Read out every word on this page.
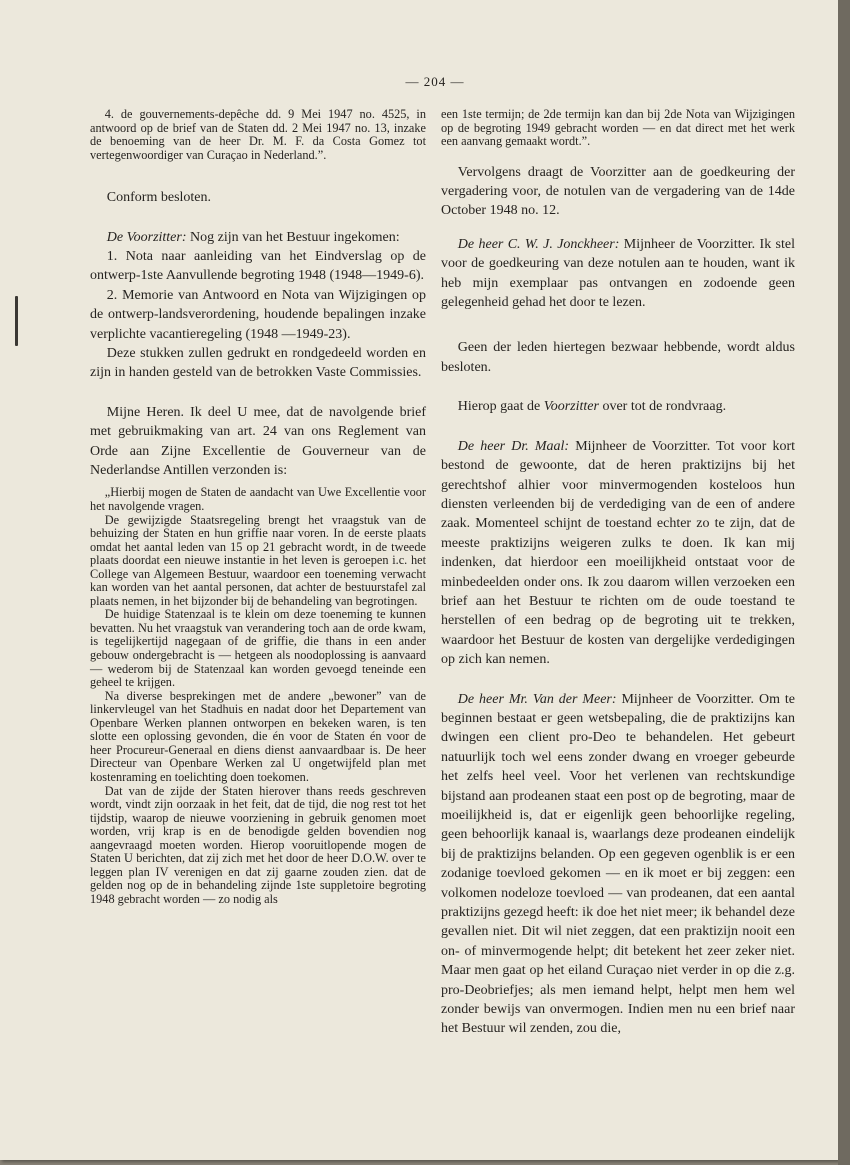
— 204 —

4. de gouvernements-depêche dd. 9 Mei 1947 no. 4525, in antwoord op de brief van de Staten dd. 2 Mei 1947 no. 13, inzake de benoeming van de heer Dr. M. F. da Costa Gomez tot vertegenwoordiger van Curaçao in Nederland.”.

Conform besloten.

De Voorzitter: Nog zijn van het Bestuur ingekomen:

1. Nota naar aanleiding van het Eindverslag op de ontwerp-1ste Aanvullende begroting 1948 (1948—1949-6).

2. Memorie van Antwoord en Nota van Wijzigingen op de ontwerp-landsverordening, houdende bepalingen inzake verplichte vacantieregeling (1948 —1949-23).

Deze stukken zullen gedrukt en rondgedeeld worden en zijn in handen gesteld van de betrokken Vaste Commissies.

Mijne Heren. Ik deel U mee, dat de navolgende brief met gebruikmaking van art. 24 van ons Reglement van Orde aan Zijne Excellentie de Gouverneur van de Nederlandse Antillen verzonden is:

„Hierbij mogen de Staten de aandacht van Uwe Excellentie voor het navolgende vragen.

De gewijzigde Staatsregeling brengt het vraagstuk van de behuizing der Staten en hun griffie naar voren. In de eerste plaats omdat het aantal leden van 15 op 21 gebracht wordt, in de tweede plaats doordat een nieuwe instantie in het leven is geroepen i.c. het College van Algemeen Bestuur, waardoor een toeneming verwacht kan worden van het aantal personen, dat achter de bestuurstafel zal plaats nemen, in het bijzonder bij de behandeling van begrotingen.

De huidige Statenzaal is te klein om deze toeneming te kunnen bevatten. Nu het vraagstuk van verandering toch aan de orde kwam, is tegelijkertijd nagegaan of de griffie, die thans in een ander gebouw ondergebracht is — hetgeen als noodoplossing is aanvaard — wederom bij de Statenzaal kan worden gevoegd teneinde een geheel te krijgen.

Na diverse besprekingen met de andere „bewoner” van de linkervleugel van het Stadhuis en nadat door het Departement van Openbare Werken plannen ontworpen en bekeken waren, is ten slotte een oplossing gevonden, die én voor de Staten én voor de heer Procureur-Generaal en diens dienst aanvaardbaar is. De heer Directeur van Openbare Werken zal U ongetwijfeld plan met kostenraming en toelichting doen toekomen.

Dat van de zijde der Staten hierover thans reeds geschreven wordt, vindt zijn oorzaak in het feit, dat de tijd, die nog rest tot het tijdstip, waarop de nieuwe voorziening in gebruik genomen moet worden, vrij krap is en de benodigde gelden bovendien nog aangevraagd moeten worden. Hierop vooruitlopende mogen de Staten U berichten, dat zij zich met het door de heer D.O.W. over te leggen plan IV verenigen en dat zij gaarne zouden zien. dat de gelden nog op de in behandeling zijnde 1ste suppletoire begroting 1948 gebracht worden — zo nodig als

een 1ste termijn; de 2de termijn kan dan bij 2de Nota van Wijzigingen op de begroting 1949 gebracht worden — en dat direct met het werk een aanvang gemaakt wordt.”.

Vervolgens draagt de Voorzitter aan de goedkeuring der vergadering voor, de notulen van de vergadering van de 14de October 1948 no. 12.

De heer C. W. J. Jonckheer: Mijnheer de Voorzitter. Ik stel voor de goedkeuring van deze notulen aan te houden, want ik heb mijn exemplaar pas ontvangen en zodoende geen gelegenheid gehad het door te lezen.

Geen der leden hiertegen bezwaar hebbende, wordt aldus besloten.

Hierop gaat de Voorzitter over tot de rondvraag.

De heer Dr. Maal: Mijnheer de Voorzitter. Tot voor kort bestond de gewoonte, dat de heren praktizijns bij het gerechtshof alhier voor minvermogenden kosteloos hun diensten verleenden bij de verdediging van de een of andere zaak. Momenteel schijnt de toestand echter zo te zijn, dat de meeste praktizijns weigeren zulks te doen. Ik kan mij indenken, dat hierdoor een moeilijkheid ontstaat voor de minbedeelden onder ons. Ik zou daarom willen verzoeken een brief aan het Bestuur te richten om de oude toestand te herstellen of een bedrag op de begroting uit te trekken, waardoor het Bestuur de kosten van dergelijke verdedigingen op zich kan nemen.

De heer Mr. Van der Meer: Mijnheer de Voorzitter. Om te beginnen bestaat er geen wetsbepaling, die de praktizijns kan dwingen een client pro-Deo te behandelen. Het gebeurt natuurlijk toch wel eens zonder dwang en vroeger gebeurde het zelfs heel veel. Voor het verlenen van rechtskundige bijstand aan prodeanen staat een post op de begroting, maar de moeilijkheid is, dat er eigenlijk geen behoorlijke regeling, geen behoorlijk kanaal is, waarlangs deze prodeanen eindelijk bij de praktizijns belanden. Op een gegeven ogenblik is er een zodanige toevloed gekomen — en ik moet er bij zeggen: een volkomen nodeloze toevloed — van prodeanen, dat een aantal praktizijns gezegd heeft: ik doe het niet meer; ik behandel deze gevallen niet. Dit wil niet zeggen, dat een praktizijn nooit een on- of minvermogende helpt; dit betekent het zeer zeker niet. Maar men gaat op het eiland Curaçao niet verder in op die z.g. pro-Deobriefjes; als men iemand helpt, helpt men hem wel zonder bewijs van onvermogen. Indien men nu een brief naar het Bestuur wil zenden, zou die,
